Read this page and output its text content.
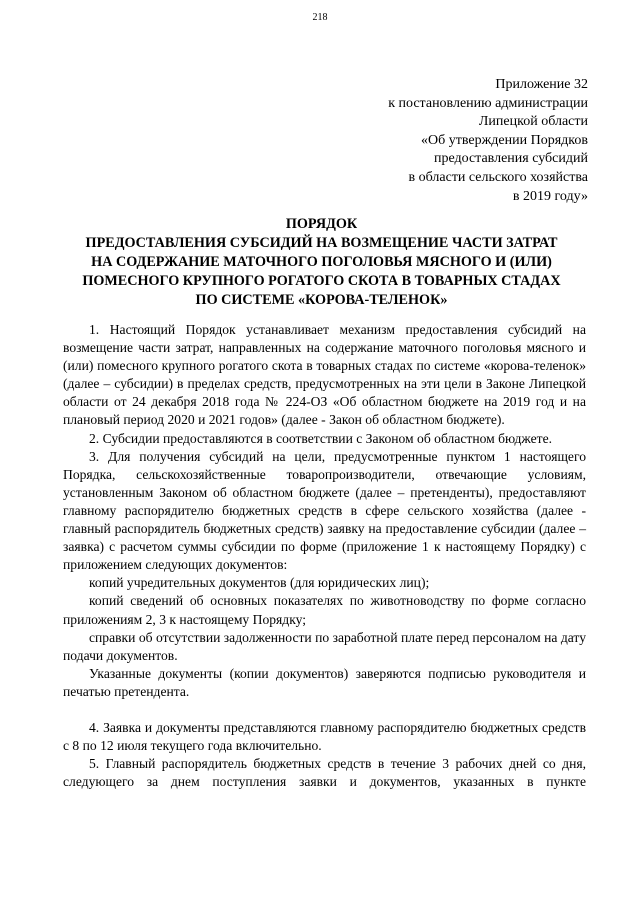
218
Приложение 32
к постановлению администрации
Липецкой области
«Об утверждении Порядков
предоставления субсидий
в области сельского хозяйства
в 2019 году»
ПОРЯДОК
ПРЕДОСТАВЛЕНИЯ СУБСИДИЙ НА ВОЗМЕЩЕНИЕ ЧАСТИ ЗАТРАТ
НА СОДЕРЖАНИЕ МАТОЧНОГО ПОГОЛОВЬЯ МЯСНОГО И (ИЛИ)
ПОМЕСНОГО КРУПНОГО РОГАТОГО СКОТА В ТОВАРНЫХ СТАДАХ
ПО СИСТЕМЕ «КОРОВА-ТЕЛЕНОК»

1. Настоящий Порядок устанавливает механизм предоставления субсидий на возмещение части затрат, направленных на содержание маточного поголовья мясного и (или) помесного крупного рогатого скота в товарных стадах по системе «корова-теленок» (далее – субсидии) в пределах средств, предусмотренных на эти цели в Законе Липецкой области от 24 декабря 2018 года № 224-ОЗ «Об областном бюджете на 2019 год и на плановый период 2020 и 2021 годов» (далее - Закон об областном бюджете).

2. Субсидии предоставляются в соответствии с Законом об областном бюджете.

3. Для получения субсидий на цели, предусмотренные пунктом 1 настоящего Порядка, сельскохозяйственные товаропроизводители, отвечающие условиям, установленным Законом об областном бюджете (далее – претенденты), предоставляют главному распорядителю бюджетных средств в сфере сельского хозяйства (далее - главный распорядитель бюджетных средств) заявку на предоставление субсидии (далее – заявка) с расчетом суммы субсидии по форме (приложение 1 к настоящему Порядку) с приложением следующих документов:

копий учредительных документов (для юридических лиц);

копий сведений об основных показателях по животноводству по форме согласно приложениям 2, 3 к настоящему Порядку;

справки об отсутствии задолженности по заработной плате перед персоналом на дату подачи документов.

Указанные документы (копии документов) заверяются подписью руководителя и печатью претендента.

4. Заявка и документы представляются главному распорядителю бюджетных средств с 8 по 12 июля текущего года включительно.

5. Главный распорядитель бюджетных средств в течение 3 рабочих дней со дня, следующего за днем поступления заявки и документов, указанных в пункте
